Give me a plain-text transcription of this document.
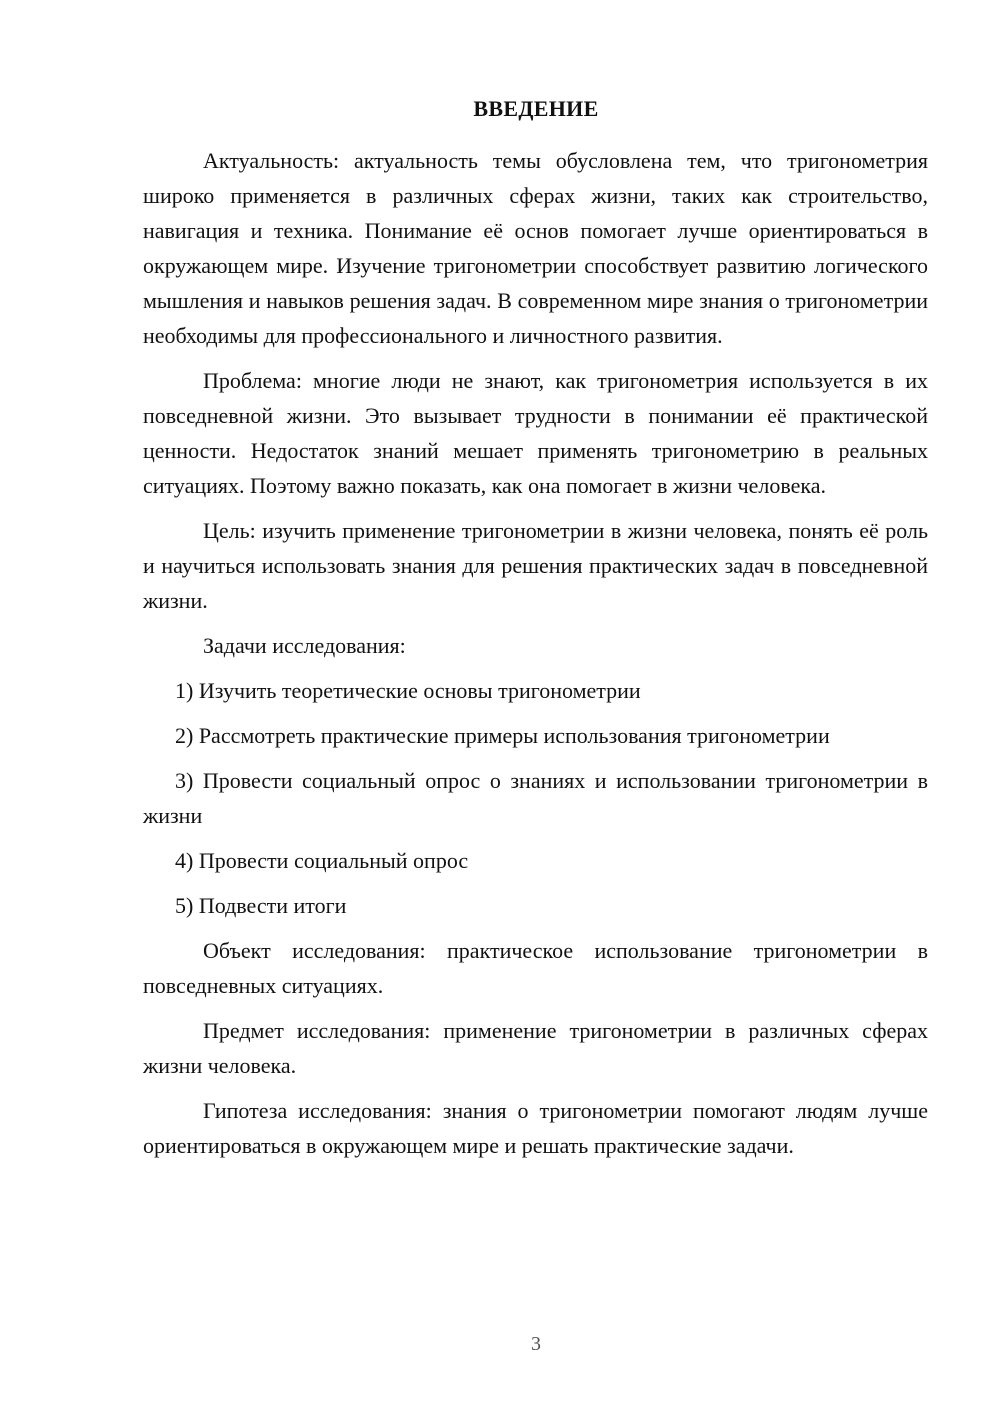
ВВЕДЕНИЕ

Актуальность: актуальность темы обусловлена тем, что тригонометрия широко применяется в различных сферах жизни, таких как строительство, навигация и техника. Понимание её основ помогает лучше ориентироваться в окружающем мире. Изучение тригонометрии способствует развитию логического мышления и навыков решения задач. В современном мире знания о тригонометрии необходимы для профессионального и личностного развития.

Проблема: многие люди не знают, как тригонометрия используется в их повседневной жизни. Это вызывает трудности в понимании её практической ценности. Недостаток знаний мешает применять тригонометрию в реальных ситуациях. Поэтому важно показать, как она помогает в жизни человека.

Цель: изучить применение тригонометрии в жизни человека, понять её роль и научиться использовать знания для решения практических задач в повседневной жизни.

Задачи исследования:

1) Изучить теоретические основы тригонометрии

2) Рассмотреть практические примеры использования тригонометрии

3) Провести социальный опрос о знаниях и использовании тригонометрии в жизни

4) Провести социальный опрос

5) Подвести итоги

Объект исследования: практическое использование тригонометрии в повседневных ситуациях.

Предмет исследования: применение тригонометрии в различных сферах жизни человека.

Гипотеза исследования: знания о тригонометрии помогают людям лучше ориентироваться в окружающем мире и решать практические задачи.

3
